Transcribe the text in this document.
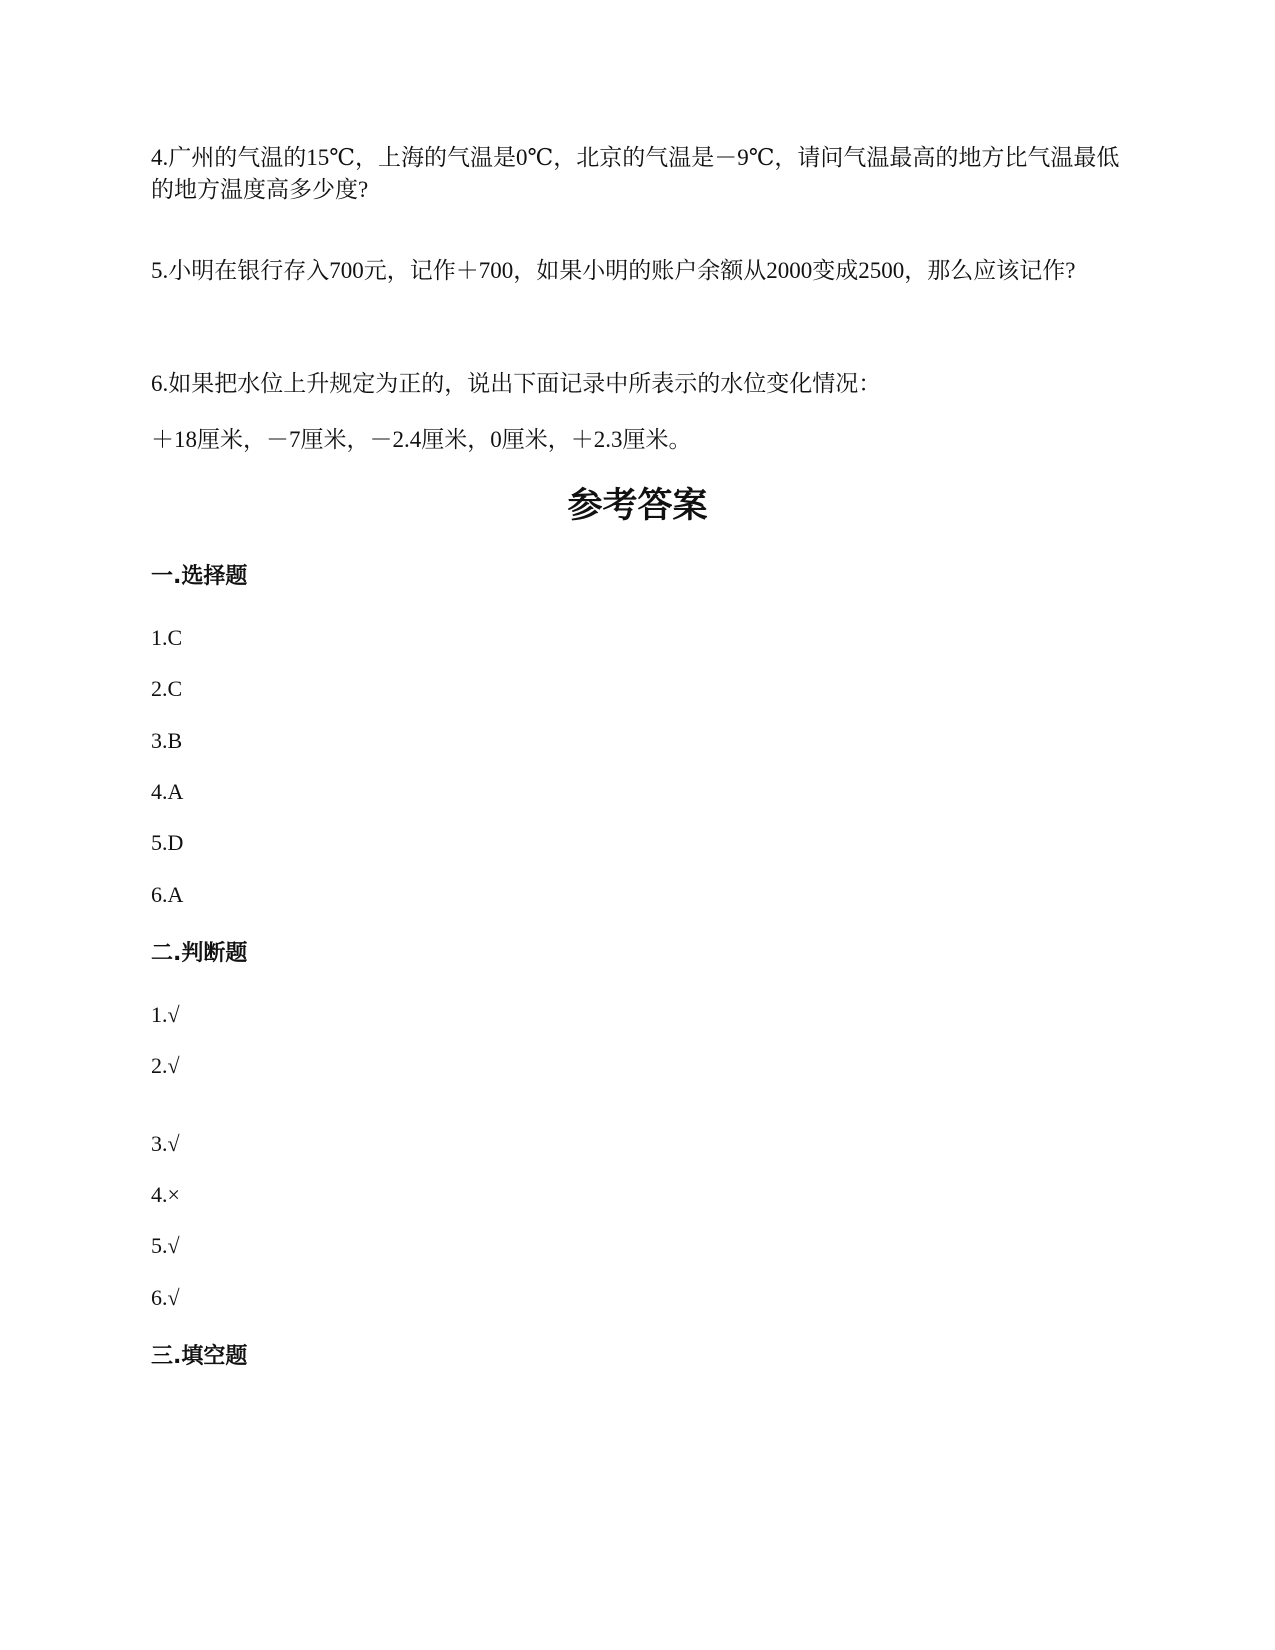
4.广州的气温的15℃，上海的气温是0℃，北京的气温是－9℃，请问气温最高的地方比气温最低的地方温度高多少度?

5.小明在银行存入700元，记作＋700，如果小明的账户余额从2000变成2500，那么应该记作?

6.如果把水位上升规定为正的，说出下面记录中所表示的水位变化情况：

＋18厘米，－7厘米，－2.4厘米，0厘米，＋2.3厘米。

参考答案
一.选择题

1.C

2.C

3.B

4.A

5.D

6.A

二.判断题

1.√

2.√

3.√

4.×

5.√

6.√

三.填空题
